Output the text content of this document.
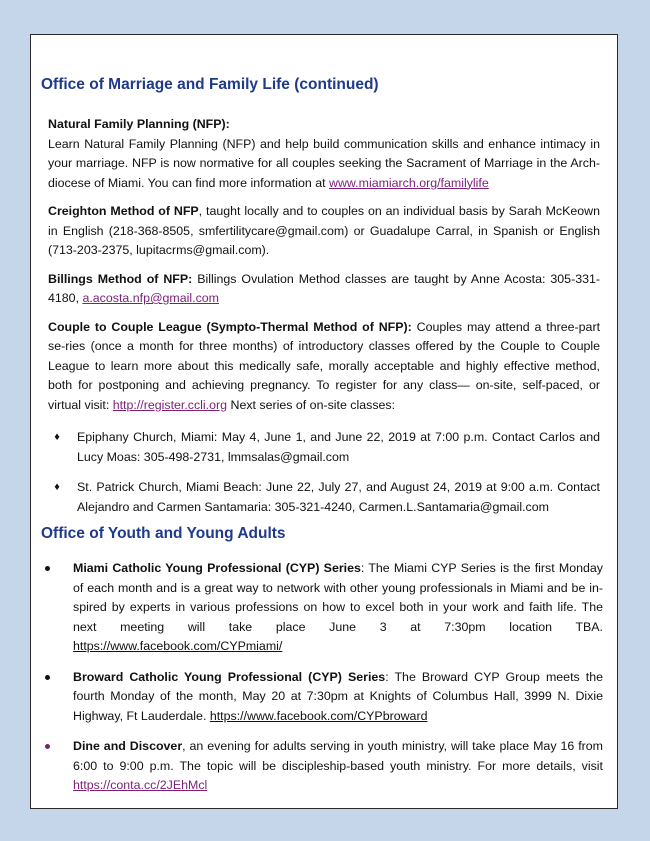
Office of Marriage and Family Life (continued)

Natural Family Planning (NFP):
Learn Natural Family Planning (NFP) and help build communication skills and enhance intimacy in your marriage. NFP is now normative for all couples seeking the Sacrament of Marriage in the Arch-diocese of Miami. You can find more information at www.miamiarch.org/familylife

Creighton Method of NFP, taught locally and to couples on an individual basis by Sarah McKeown in English (218-368-8505, smfertilitycare@gmail.com) or Guadalupe Carral, in Spanish or English (713-203-2375, lupitacrms@gmail.com).

Billings Method of NFP: Billings Ovulation Method classes are taught by Anne Acosta: 305-331-4180, a.acosta.nfp@gmail.com

Couple to Couple League (Sympto-Thermal Method of NFP): Couples may attend a three-part se-ries (once a month for three months) of introductory classes offered by the Couple to Couple League to learn more about this medically safe, morally acceptable and highly effective method, both for postponing and achieving pregnancy. To register for any class— on-site, self-paced, or virtual visit: http://register.ccli.org Next series of on-site classes:

♦	Epiphany Church, Miami: May 4, June 1, and June 22, 2019 at 7:00 p.m. Contact Carlos and Lucy Moas: 305-498-2731, lmmsalas@gmail.com
♦	St. Patrick Church, Miami Beach: June 22, July 27, and August 24, 2019 at 9:00 a.m. Contact Alejandro and Carmen Santamaria: 305-321-4240, Carmen.L.Santamaria@gmail.com
Office of Youth and Young Adults
Miami Catholic Young Professional (CYP) Series: The Miami CYP Series is the first Monday of each month and is a great way to network with other young professionals in Miami and be in-spired by experts in various professions on how to excel both in your work and faith life. The next meeting will take place June 3 at 7:30pm location TBA. https://www.facebook.com/CYPmiami/
Broward Catholic Young Professional (CYP) Series: The Broward CYP Group meets the fourth Monday of the month, May 20 at 7:30pm at Knights of Columbus Hall, 3999 N. Dixie Highway, Ft Lauderdale. https://www.facebook.com/CYPbroward
Dine and Discover, an evening for adults serving in youth ministry, will take place May 16 from 6:00 to 9:00 p.m. The topic will be discipleship-based youth ministry. For more details, visit https://conta.cc/2JEhMcl
